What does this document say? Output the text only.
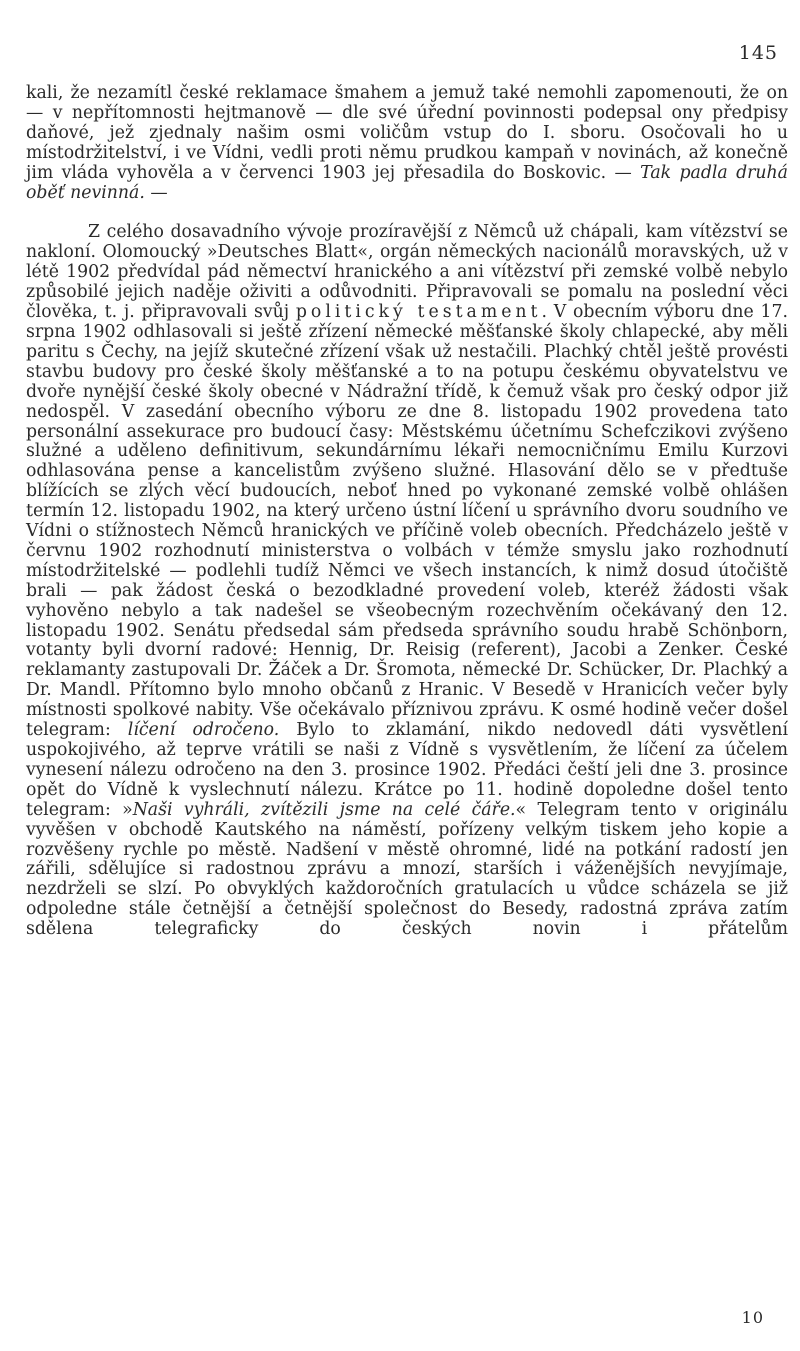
145

kali, že nezamítl české reklamace šmahem a jemuž také nemohli zapomenouti, že on — v nepřítomnosti hejtmanově — dle své úřední povinnosti podepsal ony předpisy daňové, jež zjednaly našim osmi voličům vstup do I. sboru. Osočovali ho u místodržitelství, i ve Vídni, vedli proti němu prudkou kampaň v novinách, až konečně jim vláda vyhověla a v červenci 1903 jej přesadila do Boskovic. — Tak padla druhá oběť nevinná. —

Z celého dosavadního vývoje prozíravější z Němců už chápali, kam vítězství se nakloní. Olomoucký »Deutsches Blatt«, orgán německých nacionálů moravských, už v létě 1902 předvídal pád němectví hranického a ani vítězství při zemské volbě nebylo způsobilé jejich naděje oživiti a odůvodniti. Připravovali se pomalu na poslední věci člověka, t. j. připravovali svůj politický testament. V obecním výboru dne 17. srpna 1902 odhlasovali si ještě zřízení německé měšťanské školy chlapecké, aby měli paritu s Čechy, na jejíž skutečné zřízení však už nestačili. Plachký chtěl ještě provésti stavbu budovy pro české školy měšťanské a to na potupu českému obyvatelstvu ve dvoře nynější české školy obecné v Nádražní třídě, k čemuž však pro český odpor již nedospěl. V zasedání obecního výboru ze dne 8. listopadu 1902 provedena tato personální assekurace pro budoucí časy: Městskému účetnímu Schefczikovi zvýšeno služné a uděleno definitivum, sekundárnímu lékaři nemocničnímu Emilu Kurzovi odhlasována pense a kancelistům zvýšeno služné. Hlasování dělo se v předtuše blížících se zlých věcí budoucích, neboť hned po vykonané zemské volbě ohlášen termín 12. listopadu 1902, na který určeno ústní líčení u správního dvoru soudního ve Vídni o stížnostech Němců hranických ve příčině voleb obecních. Předcházelo ještě v červnu 1902 rozhodnutí ministerstva o volbách v témže smyslu jako rozhodnutí místodržitelské — podlehli tudíž Němci ve všech instancích, k nimž dosud útočiště brali — pak žádost česká o bezodkladné provedení voleb, kteréž žádosti však vyhověno nebylo a tak nadešel se všeobecným rozechvěním očekávaný den 12. listopadu 1902. Senátu předsedal sám předseda správního soudu hrabě Schönborn, votanty byli dvorní radové: Hennig, Dr. Reisig (referent), Jacobi a Zenker. České reklamanty zastupovali Dr. Žáček a Dr. Šromota, německé Dr. Schücker, Dr. Plachký a Dr. Mandl. Přítomno bylo mnoho občanů z Hranic. V Besedě v Hranicích večer byly místnosti spolkové nabity. Vše očekávalo příznivou zprávu. K osmé hodině večer došel telegram: líčení odročeno. Bylo to zklamání, nikdo nedovedl dáti vysvětlení uspokojivého, až teprve vrátili se naši z Vídně s vysvětlením, že líčení za účelem vynesení nálezu odročeno na den 3. prosince 1902. Předáci čeští jeli dne 3. prosince opět do Vídně k vyslechnutí nálezu. Krátce po 11. hodině dopoledne došel tento telegram: »Naši vyhráli, zvítězili jsme na celé čáře.« Telegram tento v originálu vyvěšen v obchodě Kautského na náměstí, pořízeny velkým tiskem jeho kopie a rozvěšeny rychle po městě. Nadšení v městě ohromné, lidé na potkání radostí jen zářili, sdělujíce si radostnou zprávu a mnozí, starších i váženějších nevyjímaje, nezdrželi se slzí. Po obvyklých každoročních gratulacích u vůdce scházela se již odpoledne stále četnější a četnější společnost do Besedy, radostná zpráva zatím sdělena telegraficky do českých novin i přátelům

10
